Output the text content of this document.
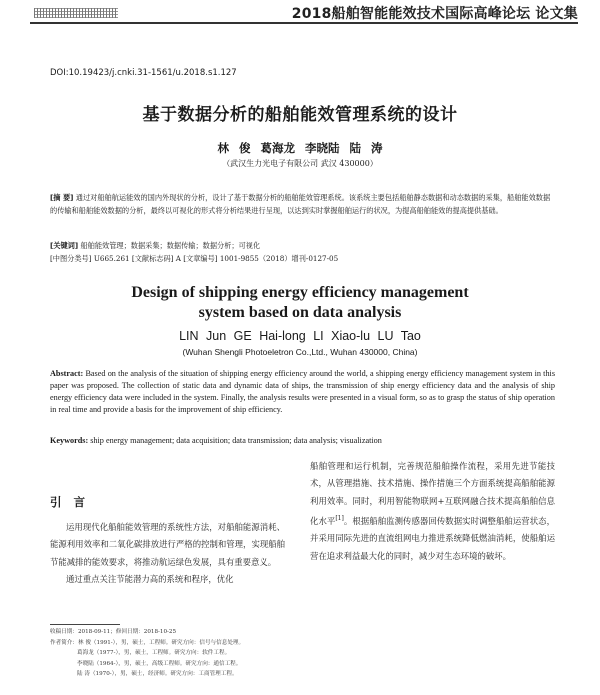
2018船舶智能能效技术国际高峰论坛 论文集
DOI:10.19423/j.cnki.31-1561/u.2018.s1.127
基于数据分析的船舶能效管理系统的设计
林 俊 葛海龙 李晓陆 陆 涛
（武汉生力光电子有限公司 武汉 430000）
[摘 要] 通过对船舶航运能效的国内外现状的分析，设计了基于数据分析的船舶能效管理系统。该系统主要包括船舶静态数据和动态数据的采集，船舶能效数据的传输和船舶能效数据的分析，最终以可视化的形式将分析结果进行呈现，以达到实时掌握船舶运行的状况，为提高船舶能效的提高提供基础。
[关键词] 船舶能效管理；数据采集；数据传输；数据分析；可视化
[中图分类号] U665.261 [文献标志码] A [文章编号] 1001-9855（2018）增刊-0127-05
Design of shipping energy efficiency management
system based on data analysis
LIN Jun GE Hai-long LI Xiao-lu LU Tao
(Wuhan Shengli Photoeletron Co.,Ltd., Wuhan 430000, China)
Abstract: Based on the analysis of the situation of shipping energy efficiency around the world, a shipping energy efficiency management system in this paper was proposed. The collection of static data and dynamic data of ships, the transmission of ship energy efficiency data and the analysis of ship energy efficiency data were included in the system. Finally, the analysis results were presented in a visual form, so as to grasp the status of ship operation in real time and provide a basis for the improvement of ship efficiency.
Keywords: ship energy management; data acquisition; data transmission; data analysis; visualization
引 言

运用现代化船舶能效管理的系统性方法，对船舶能源消耗、能源利用效率和二氧化碳排放进行严格的控制和管理，实现船舶节能减排的能效要求，将推动航运绿色发展，具有重要意义。

通过重点关注节能潜力高的系统和程序，优化

船舶管理和运行机制，完善规范船舶操作流程，采用先进节能技术，从管理措施、技术措施、操作措施三个方面系统提高船舶能源利用效率。同时，利用智能物联网+互联网融合技术提高船舶信息化水平[1]。根据船舶监测传感器回传数据实时调整船舶运营状态，并采用同际先进的直流组网电力推进系统降低燃油消耗，使船舶运营在追求利益最大化的同时，减少对生态环境的破坏。

收稿日期：2018-09-11；修回日期：2018-10-25
作者简介：林 俊（1991-），男，硕士，工程师。研究方向：信号与信息处理。
葛海龙（1977-），男，硕士，工程师。研究方向：软件工程。
李晓陆（1964-），男，硕士，高级工程师。研究方向：通信工程。
陆 涛（1970-），男，硕士，经济师。研究方向：工商管理工程。
